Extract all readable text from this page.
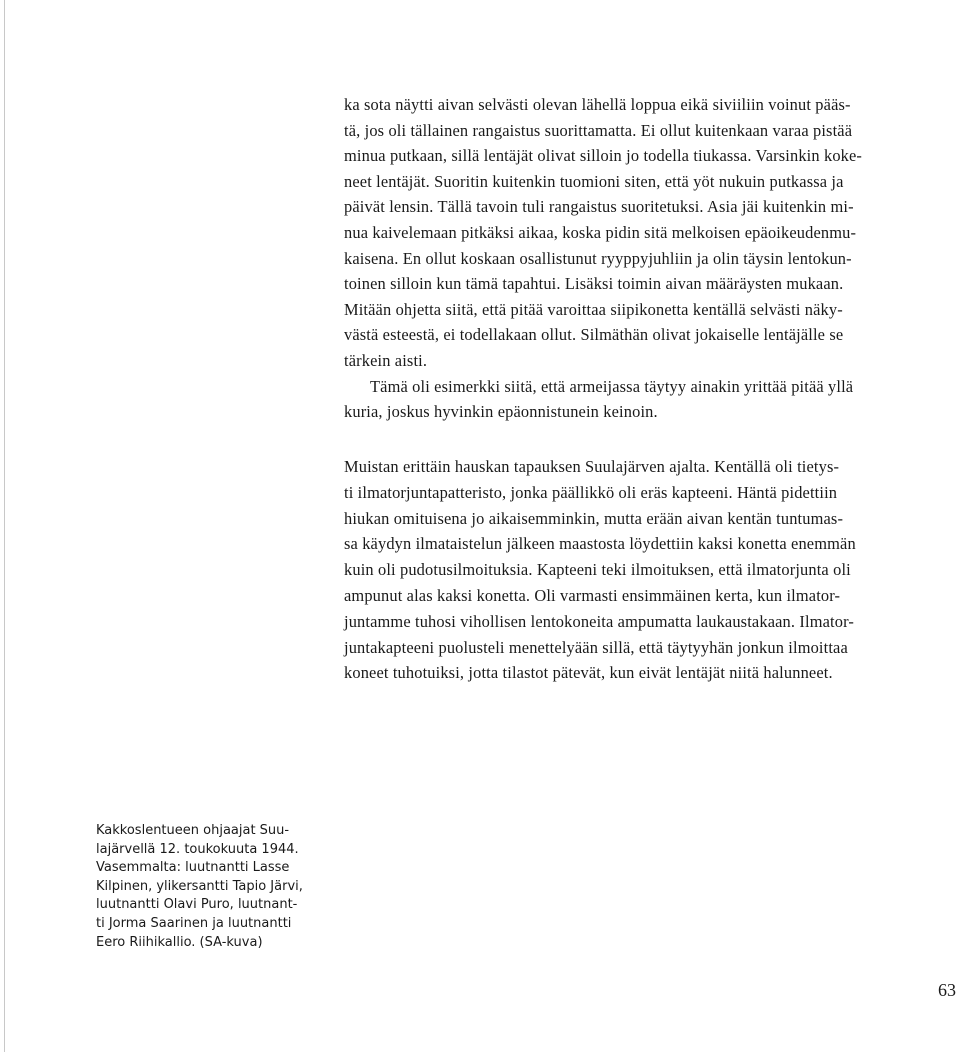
ka sota näytti aivan selvästi olevan lähellä loppua eikä siviiliin voinut pääs-
tä, jos oli tällainen rangaistus suorittamatta. Ei ollut kuitenkaan varaa pistää
minua putkaan, sillä lentäjät olivat silloin jo todella tiukassa. Varsinkin koke-
neet lentäjät. Suoritin kuitenkin tuomioni siten, että yöt nukuin putkassa ja
päivät lensin. Tällä tavoin tuli rangaistus suoritetuksi. Asia jäi kuitenkin mi-
nua kaivelemaan pitkäksi aikaa, koska pidin sitä melkoisen epäoikeudenmu-
kaisena. En ollut koskaan osallistunut ryyppyjuhliin ja olin täysin lentokun-
toinen silloin kun tämä tapahtui. Lisäksi toimin aivan määräysten mukaan.
Mitään ohjetta siitä, että pitää varoittaa siipikonetta kentällä selvästi näky-
västä esteestä, ei todellakaan ollut. Silmäthän olivat jokaiselle lentäjälle se
tärkein aisti.
Tämä oli esimerkki siitä, että armeijassa täytyy ainakin yrittää pitää yllä
kuria, joskus hyvinkin epäonnistunein keinoin.
Muistan erittäin hauskan tapauksen Suulajärven ajalta. Kentällä oli tietys-
ti ilmatorjuntapatteristo, jonka päällikkö oli eräs kapteeni. Häntä pidettiin
hiukan omituisena jo aikaisemminkin, mutta erään aivan kentän tuntumas-
sa käydyn ilmataistelun jälkeen maastosta löydettiin kaksi konetta enemmän
kuin oli pudotusilmoituksia. Kapteeni teki ilmoituksen, että ilmatorjunta oli
ampunut alas kaksi konetta. Oli varmasti ensimmäinen kerta, kun ilmator-
juntamme tuhosi vihollisen lentokoneita ampumatta laukaustakaan. Ilmator-
juntakapteeni puolusteli menettelyään sillä, että täytyyhän jonkun ilmoittaa
koneet tuhotuiksi, jotta tilastot pätevät, kun eivät lentäjät niitä halunneet.
Kakkoslentueen ohjaajat Suu-
lajärvellä 12. toukokuuta 1944.
Vasemmalta: luutnantti Lasse
Kilpinen, ylikersantti Tapio Järvi,
luutnantti Olavi Puro, luutnant-
ti Jorma Saarinen ja luutnantti
Eero Riihikallio. (SA-kuva)
63
